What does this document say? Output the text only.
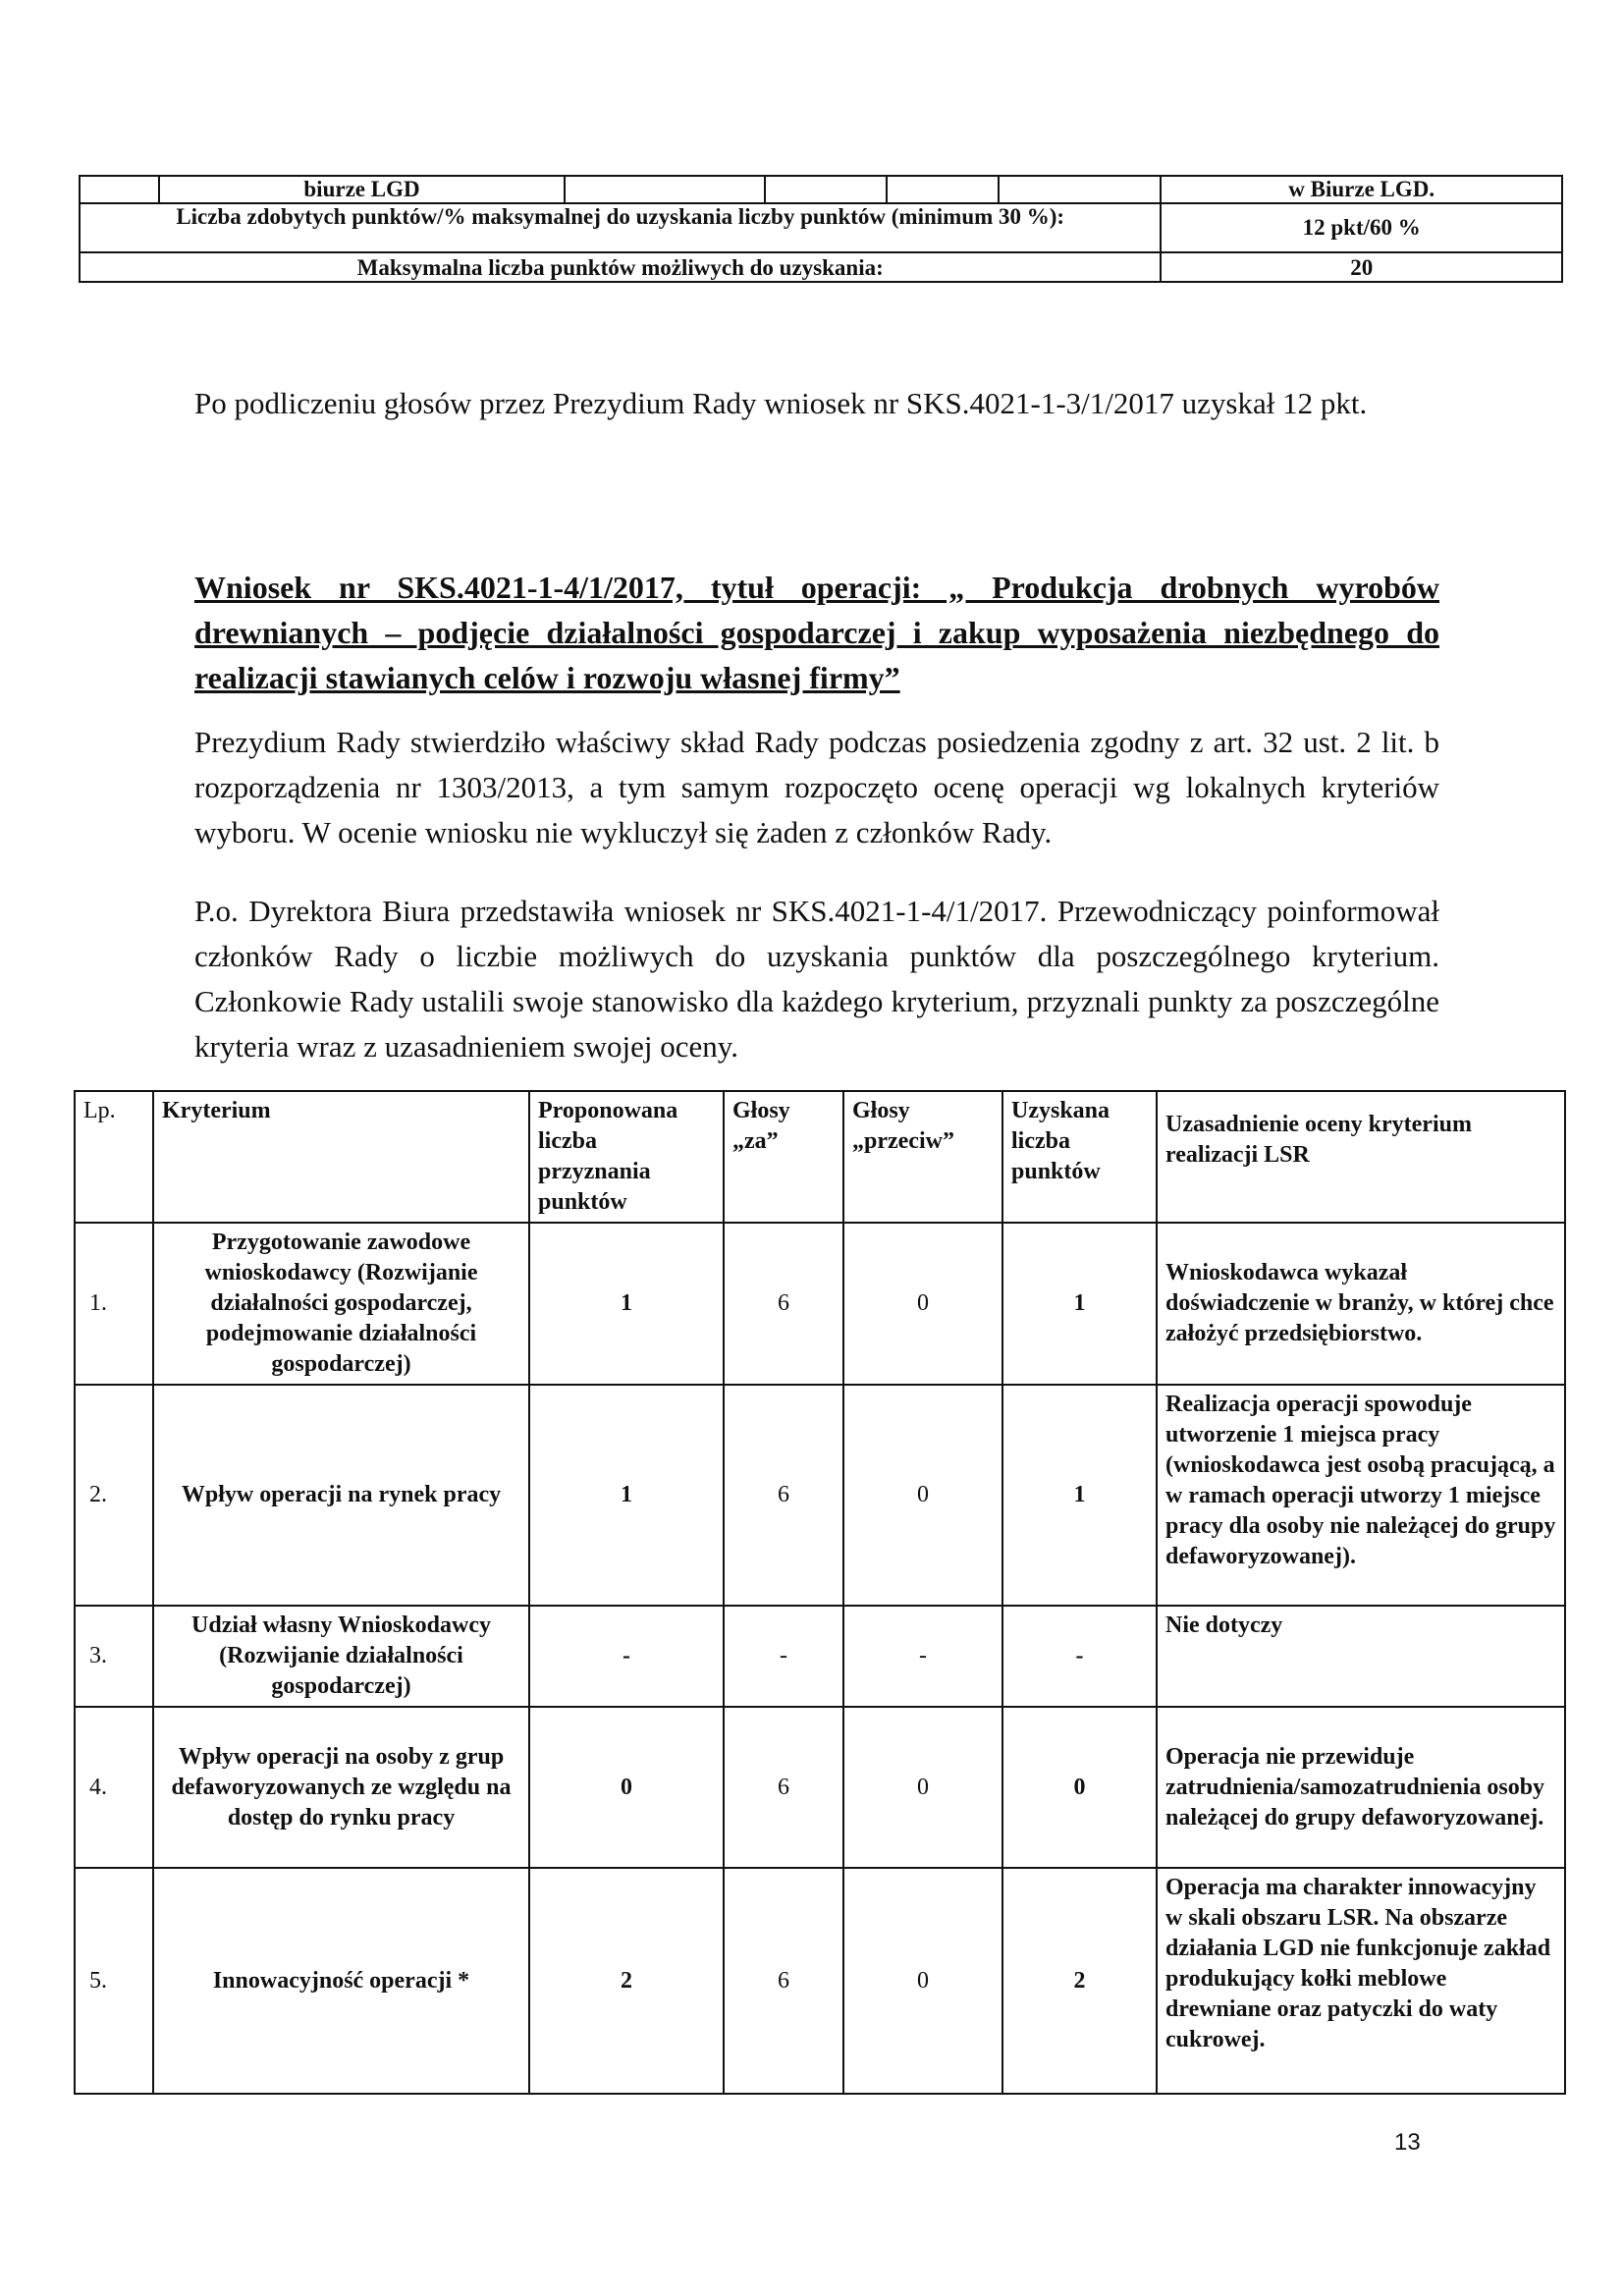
	biurze LGD					w Biurze LGD.
Liczba zdobytych punktów/% maksymalnej do uzyskania liczby punktów (minimum 30 %):						12 pkt/60 %
Maksymalna liczba punktów możliwych do uzyskania:						20

Po podliczeniu głosów przez Prezydium Rady wniosek nr SKS.4021-1-3/1/2017 uzyskał 12 pkt.

Wniosek nr SKS.4021-1-4/1/2017, tytuł operacji: „ Produkcja drobnych wyrobów drewnianych – podjęcie działalności gospodarczej i zakup wyposażenia niezbędnego do realizacji stawianych celów i rozwoju własnej firmy”

Prezydium Rady stwierdziło właściwy skład Rady podczas posiedzenia zgodny z art. 32 ust. 2 lit. b rozporządzenia nr 1303/2013, a tym samym rozpoczęto ocenę operacji wg lokalnych kryteriów wyboru. W ocenie wniosku nie wykluczył się żaden z członków Rady.

P.o. Dyrektora Biura przedstawiła wniosek nr SKS.4021-1-4/1/2017. Przewodniczący poinformował członków Rady o liczbie możliwych do uzyskania punktów dla poszczególnego kryterium. Członkowie Rady ustalili swoje stanowisko dla każdego kryterium, przyznali punkty za poszczególne kryteria wraz z uzasadnieniem swojej oceny.

Lp.	Kryterium	Proponowana liczba przyznania punktów	Głosy „za”	Głosy „przeciw”	Uzyskana liczba punktów	Uzasadnienie oceny kryterium realizacji LSR
1.	Przygotowanie zawodowe wnioskodawcy (Rozwijanie działalności gospodarczej, podejmowanie działalności gospodarczej)	1	6	0	1	Wnioskodawca wykazał doświadczenie w branży, w której chce założyć przedsiębiorstwo.
2.	Wpływ operacji na rynek pracy	1	6	0	1	Realizacja operacji spowoduje utworzenie 1 miejsca pracy (wnioskodawca jest osobą pracującą, a w ramach operacji utworzy 1 miejsce pracy dla osoby nie należącej do grupy defaworyzowanej).
3.	Udział własny Wnioskodawcy (Rozwijanie działalności gospodarczej)	-	-	-	-	Nie dotyczy
4.	Wpływ operacji na osoby z grup defaworyzowanych ze względu na dostęp do rynku pracy	0	6	0	0	Operacja nie przewiduje zatrudnienia/samozatrudnienia osoby należącej do grupy defaworyzowanej.
5.	Innowacyjność operacji *	2	6	0	2	Operacja ma charakter innowacyjny w skali obszaru LSR. Na obszarze działania LGD nie funkcjonuje zakład produkujący kołki meblowe drewniane oraz patyczki do waty cukrowej.
13
